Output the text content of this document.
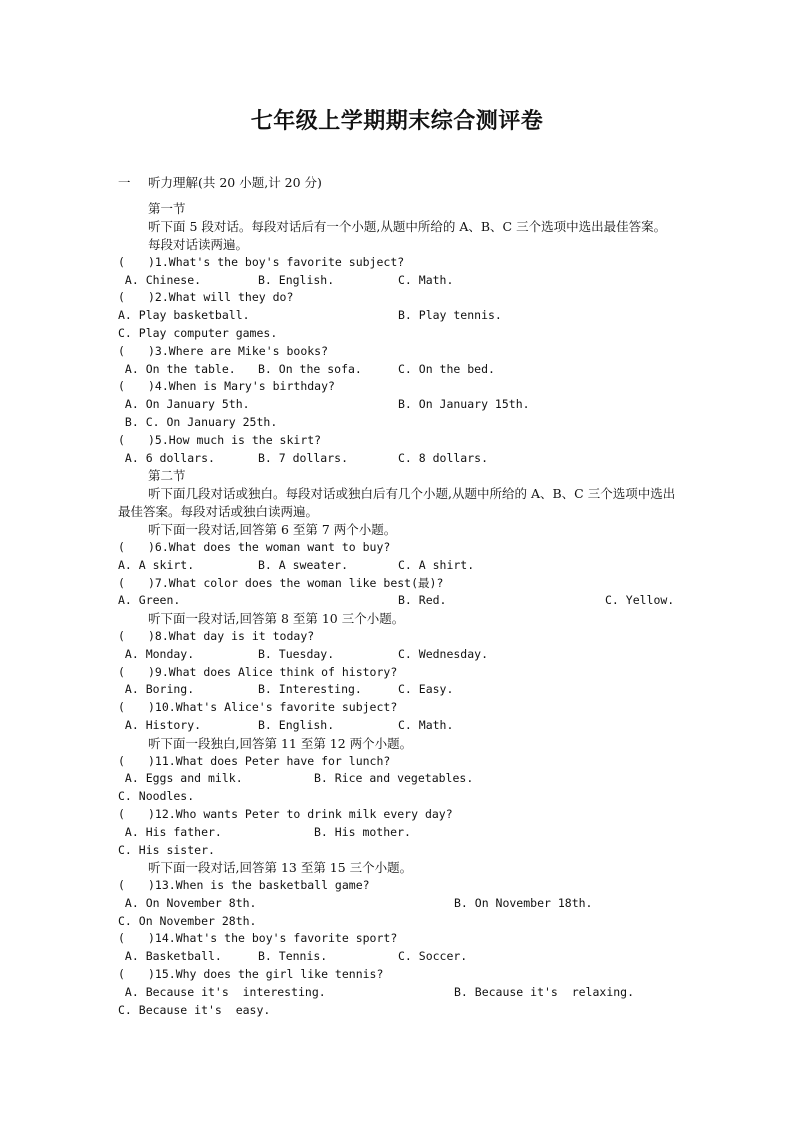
七年级上学期期末综合测评卷
一 听力理解(共 20 小题,计 20 分)
第一节
听下面 5 段对话。每段对话后有一个小题,从题中所给的 A、B、C 三个选项中选出最佳答案。每段对话读两遍。
( )1.What's the boy's favorite subject?
A. Chinese.	B. English.	C. Math.
( )2.What will they do?
A. Play basketball.	B. Play tennis.
C. Play computer games.
( )3.Where are Mike's books?
A. On the table. B. On the sofa.	C. On the bed.
( )4.When is Mary's birthday?
A. On January 5th.	B. On January 15th.
B. C. On January 25th.
( )5.How much is the skirt?
A. 6 dollars.	B. 7 dollars.	C. 8 dollars.
第二节
听下面几段对话或独白。每段对话或独白后有几个小题,从题中所给的 A、B、C 三个选项中选出最佳答案。每段对话或独白读两遍。
听下面一段对话,回答第 6 至第 7 两个小题。
( )6.What does the woman want to buy?
A. A skirt.	B. A sweater.	C. A shirt.
( )7.What color does the woman like best(最)?
A. Green.	B. Red.	C. Yellow.
听下面一段对话,回答第 8 至第 10 三个小题。
( )8.What day is it today?
A. Monday.	B. Tuesday.	C. Wednesday.
( )9.What does Alice think of history?
A. Boring.	B. Interesting.	C. Easy.
( )10.What's Alice's favorite subject?
A. History.	B. English.	C. Math.
听下面一段独白,回答第 11 至第 12 两个小题。
( )11.What does Peter have for lunch?
A. Eggs and milk.	B. Rice and vegetables.
C. Noodles.
( )12.Who wants Peter to drink milk every day?
A. His father.	B. His mother.
C. His sister.
听下面一段对话,回答第 13 至第 15 三个小题。
( )13.When is the basketball game?
A. On November 8th.	B. On November 18th.
C. On November 28th.
( )14.What's the boy's favorite sport?
A. Basketball.	B. Tennis.	C. Soccer.
( )15.Why does the girl like tennis?
A. Because it's  interesting.	B. Because it's  relaxing.
C. Because it's  easy.
